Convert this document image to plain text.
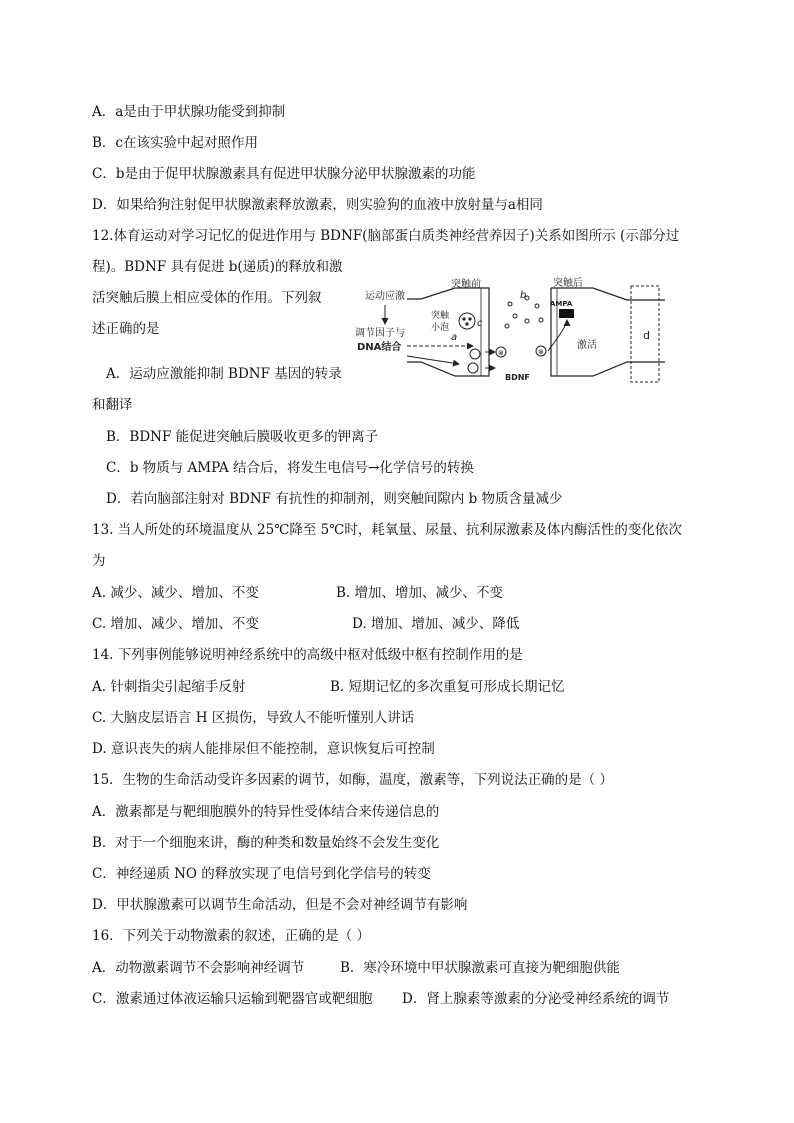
A．a是由于甲状腺功能受到抑制
B．c在该实验中起对照作用
C．b是由于促甲状腺激素具有促进甲状腺分泌甲状腺激素的功能
D．如果给狗注射促甲状腺激素释放激素，则实验狗的血液中放射量与a相同
12.体育运动对学习记忆的促进作用与 BDNF(脑部蛋白质类神经营养因子)关系如图所示 (示部分过
程)。BDNF 具有促进 b(递质)的释放和激
活突触后膜上相应受体的作用。下列叙
述正确的是
运动应激
调节因子与
DNA结合
突触前
突触
小泡
a
c
⊗
BDNF
b
突触后
AMPA
⊗
激活
d
A．运动应激能抑制 BDNF 基因的转录
和翻译
B．BDNF 能促进突触后膜吸收更多的钾离子
C．b 物质与 AMPA 结合后，将发生电信号→化学信号的转换
D．若向脑部注射对 BDNF 有抗性的抑制剂，则突触间隙内 b 物质含量减少
13. 当人所处的环境温度从 25℃降至 5℃时，耗氧量、尿量、抗利尿激素及体内酶活性的变化依次
为
A. 减少、减少、增加、不变	B. 增加、增加、减少、不变
C. 增加、减少、增加、不变	D. 增加、增加、减少、降低
14. 下列事例能够说明神经系统中的高级中枢对低级中枢有控制作用的是
A. 针刺指尖引起缩手反射	B. 短期记忆的多次重复可形成长期记忆
C. 大脑皮层语言 H 区损伤，导致人不能听懂别人讲话
D. 意识丧失的病人能排尿但不能控制，意识恢复后可控制
15．生物的生命活动受许多因素的调节，如酶，温度，激素等，下列说法正确的是（ ）
A．激素都是与靶细胞膜外的特异性受体结合来传递信息的
B．对于一个细胞来讲，酶的种类和数量始终不会发生变化
C．神经递质 NO 的释放实现了电信号到化学信号的转变
D．甲状腺激素可以调节生命活动，但是不会对神经调节有影响
16．下列关于动物激素的叙述，正确的是（ ）
A．动物激素调节不会影响神经调节	B．寒冷环境中甲状腺激素可直接为靶细胞供能
C．激素通过体液运输只运输到靶器官或靶细胞 D．肾上腺素等激素的分泌受神经系统的调节
